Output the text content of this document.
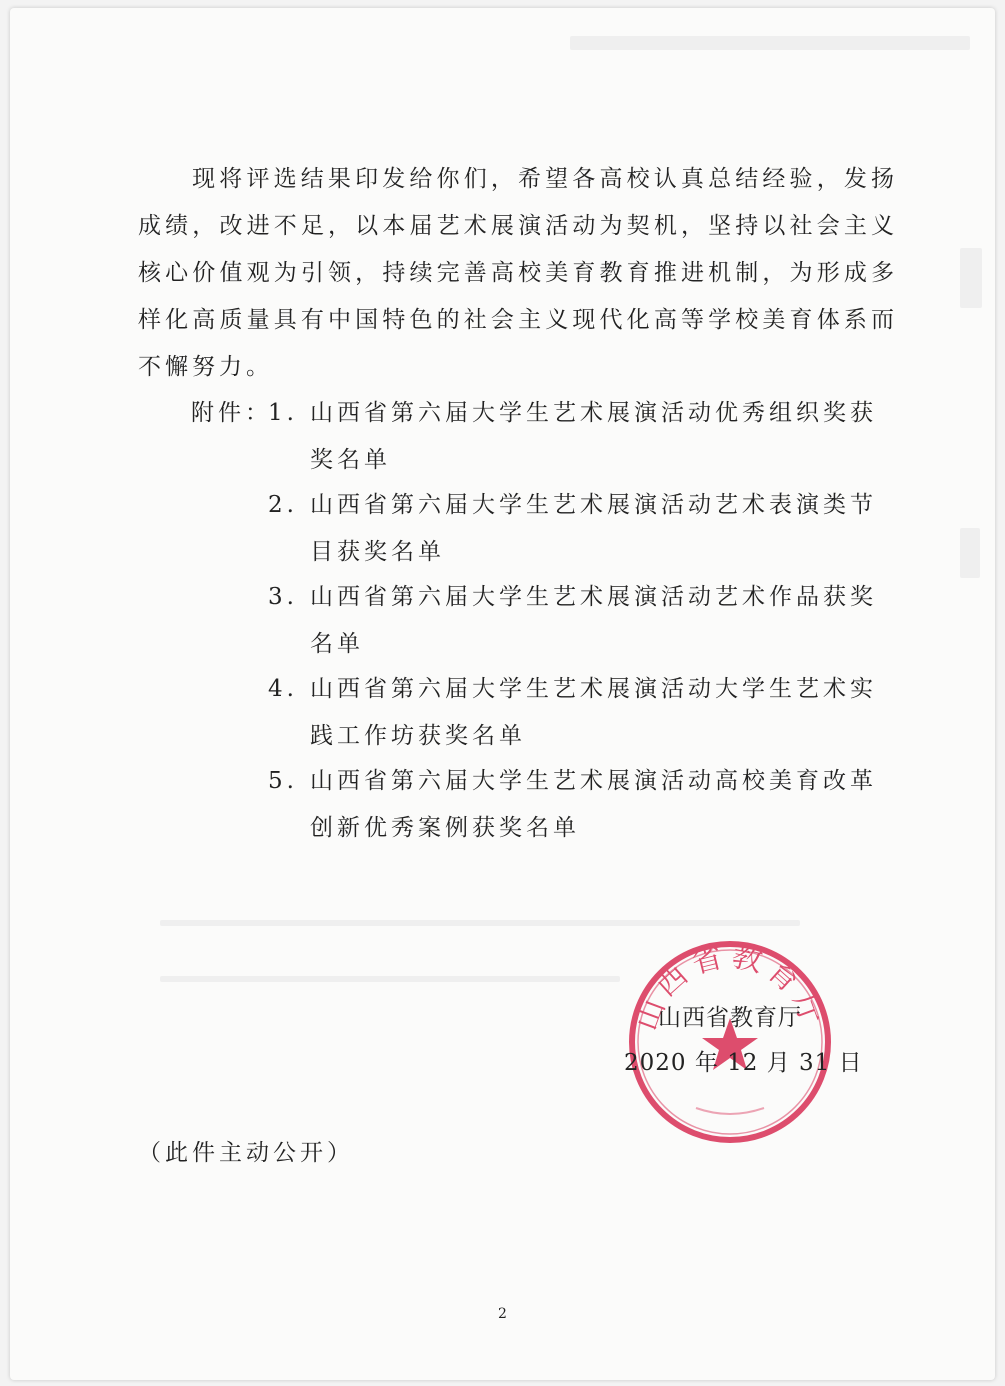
现将评选结果印发给你们，希望各高校认真总结经验，发扬成绩，改进不足，以本届艺术展演活动为契机，坚持以社会主义核心价值观为引领，持续完善高校美育教育推进机制，为形成多样化高质量具有中国特色的社会主义现代化高等学校美育体系而不懈努力。

附件：

1. 山西省第六届大学生艺术展演活动优秀组织奖获奖名单
2. 山西省第六届大学生艺术展演活动艺术表演类节目获奖名单
3. 山西省第六届大学生艺术展演活动艺术作品获奖名单
4. 山西省第六届大学生艺术展演活动大学生艺术实践工作坊获奖名单
5. 山西省第六届大学生艺术展演活动高校美育改革创新优秀案例获奖名单
山西省教育厅

山西省教育厅

2020 年 12 月 31 日

（此件主动公开）

2
